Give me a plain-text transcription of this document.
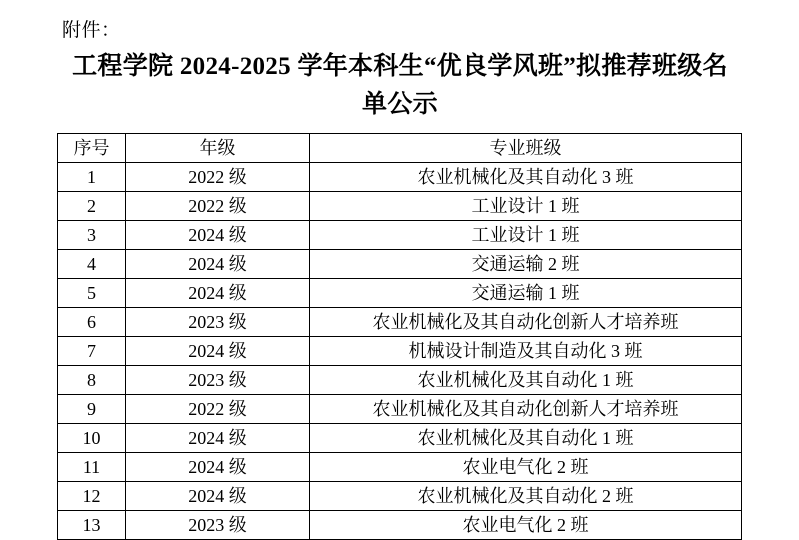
附件：
工程学院 2024-2025 学年本科生“优良学风班”拟推荐班级名单公示
序号	年级	专业班级
1	2022 级	农业机械化及其自动化 3 班
2	2022 级	工业设计 1 班
3	2024 级	工业设计 1 班
4	2024 级	交通运输 2 班
5	2024 级	交通运输 1 班
6	2023 级	农业机械化及其自动化创新人才培养班
7	2024 级	机械设计制造及其自动化 3 班
8	2023 级	农业机械化及其自动化 1 班
9	2022 级	农业机械化及其自动化创新人才培养班
10	2024 级	农业机械化及其自动化 1 班
11	2024 级	农业电气化 2 班
12	2024 级	农业机械化及其自动化 2 班
13	2023 级	农业电气化 2 班
